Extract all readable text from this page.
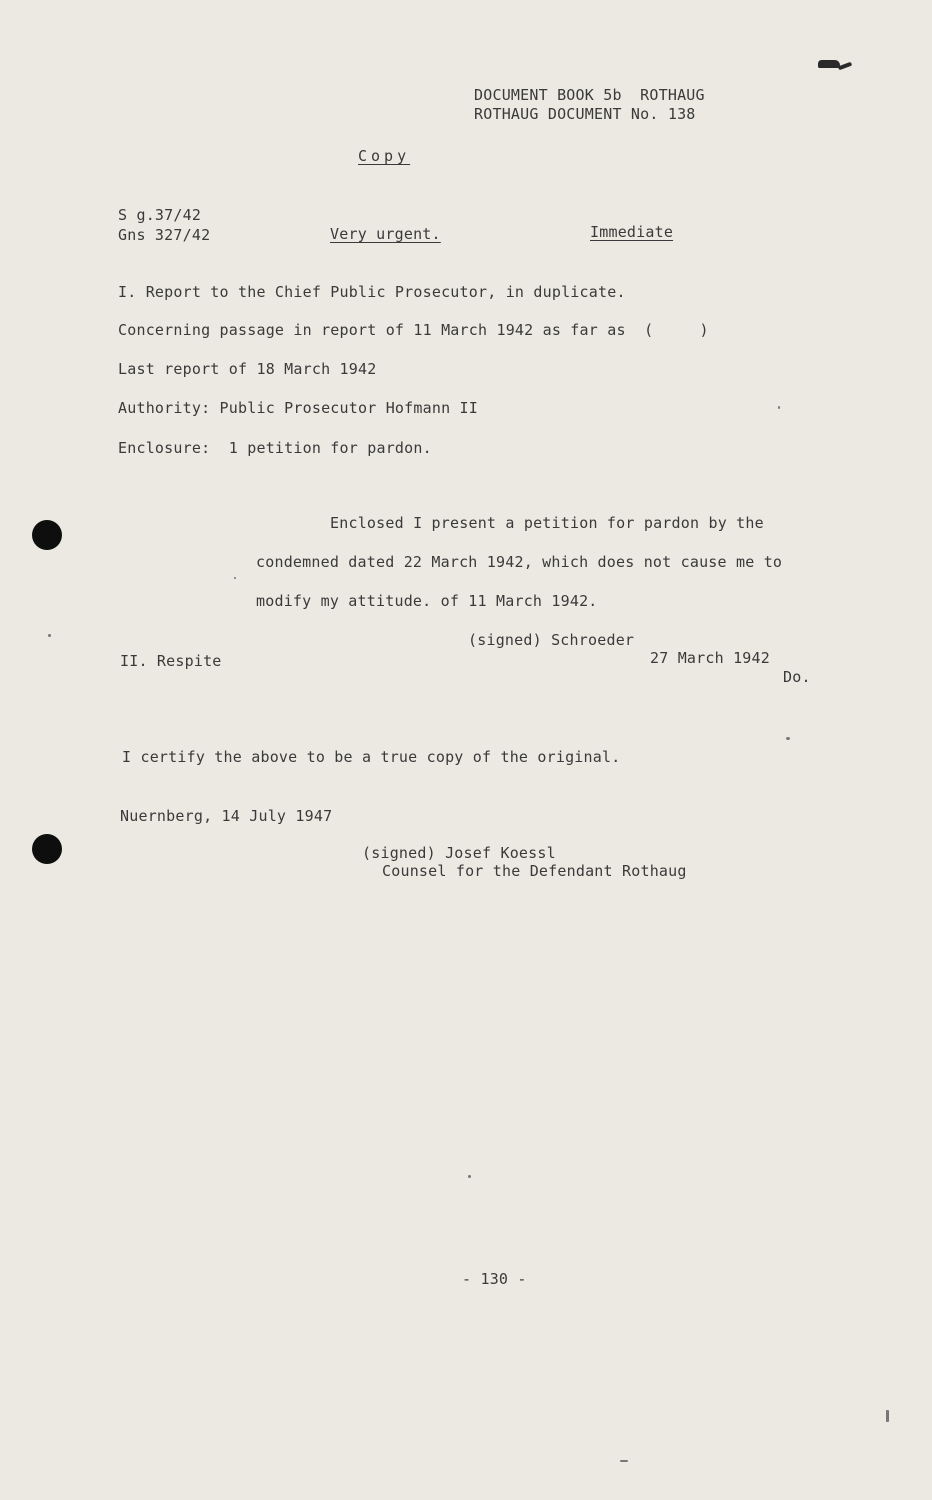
DOCUMENT BOOK 5b  ROTHAUG
ROTHAUG DOCUMENT No. 138
Copy
S g.37/42
Gns 327/42	Very urgent.	Immediate
I. Report to the Chief Public Prosecutor, in duplicate.
Concerning passage in report of 11 March 1942 as far as  (     )
Last report of 18 March 1942
Authority: Public Prosecutor Hofmann II
Enclosure:  1 petition for pardon.
Enclosed I present a petition for pardon by the
condemned dated 22 March 1942, which does not cause me to
modify my attitude. of 11 March 1942.
(signed) Schroeder
II. Respite	27 March 1942
Do.
I certify the above to be a true copy of the original.
Nuernberg, 14 July 1947
(signed) Josef Koessl
Counsel for the Defendant Rothaug
- 130 -
